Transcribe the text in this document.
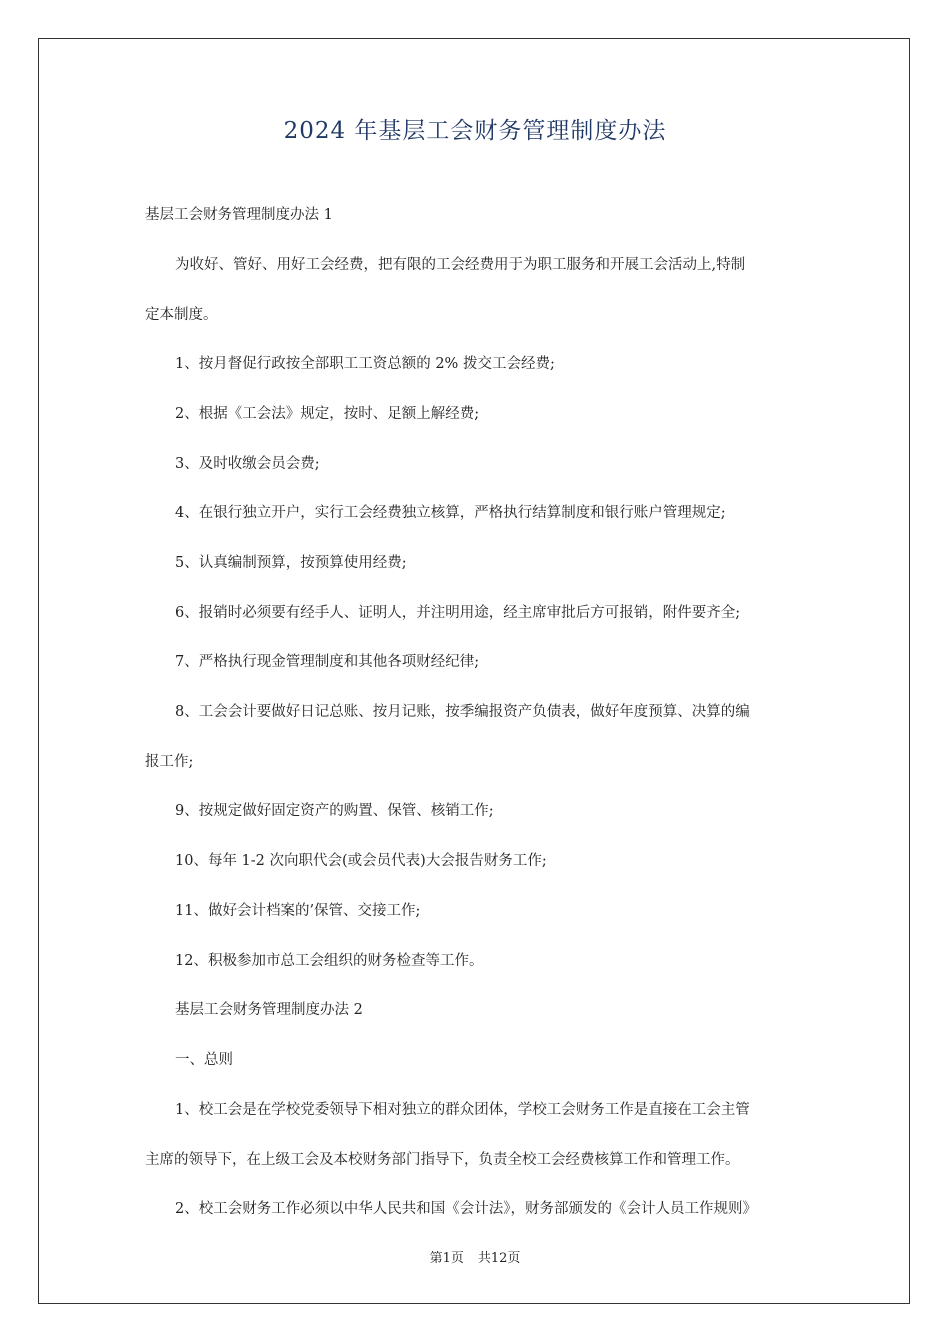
2024 年基层工会财务管理制度办法
基层工会财务管理制度办法 1
为收好、管好、用好工会经费，把有限的工会经费用于为职工服务和开展工会活动上,特制
定本制度。
1、按月督促行政按全部职工工资总额的 2% 拨交工会经费;
2、根据《工会法》规定，按时、足额上解经费;
3、及时收缴会员会费;
4、在银行独立开户，实行工会经费独立核算，严格执行结算制度和银行账户管理规定;
5、认真编制预算，按预算使用经费;
6、报销时必须要有经手人、证明人，并注明用途，经主席审批后方可报销，附件要齐全;
7、严格执行现金管理制度和其他各项财经纪律;
8、工会会计要做好日记总账、按月记账，按季编报资产负债表，做好年度预算、决算的编
报工作;
9、按规定做好固定资产的购置、保管、核销工作;
10、每年 1-2 次向职代会(或会员代表)大会报告财务工作;
11、做好会计档案的’保管、交接工作;
12、积极参加市总工会组织的财务检查等工作。
基层工会财务管理制度办法 2
一、总则
1、校工会是在学校党委领导下相对独立的群众团体，学校工会财务工作是直接在工会主管
主席的领导下，在上级工会及本校财务部门指导下，负责全校工会经费核算工作和管理工作。
2、校工会财务工作必须以中华人民共和国《会计法》，财务部颁发的《会计人员工作规则》
第1页 共12页
